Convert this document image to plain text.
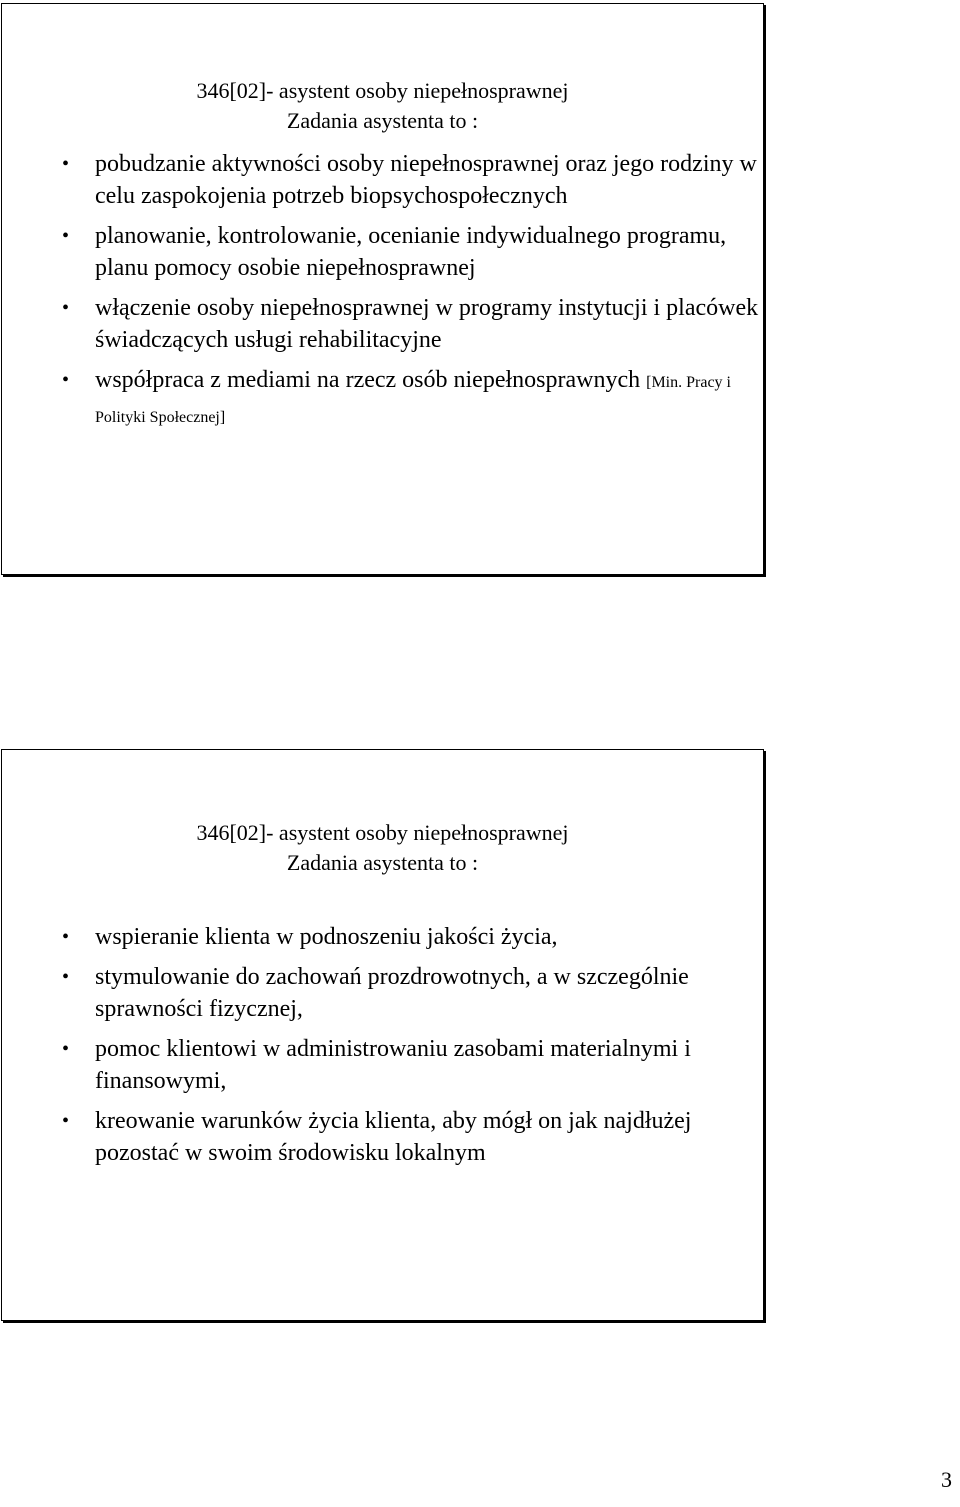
346[02]- asystent osoby niepełnosprawnej
Zadania asystenta to :
• pobudzanie aktywności osoby niepełnosprawnej oraz jego rodziny w celu zaspokojenia potrzeb biopsychospołecznych
• planowanie, kontrolowanie, ocenianie indywidualnego programu, planu pomocy osobie niepełnosprawnej
• włączenie osoby niepełnosprawnej w programy instytucji i placówek świadczących usługi rehabilitacyjne
• współpraca z mediami na rzecz osób niepełnosprawnych [Min. Pracy i Polityki Społecznej]
346[02]- asystent osoby niepełnosprawnej
Zadania asystenta to :
• wspieranie klienta w podnoszeniu jakości życia,
• stymulowanie do zachowań prozdrowotnych, a w szczególnie sprawności fizycznej,
• pomoc klientowi w administrowaniu zasobami materialnymi i finansowymi,
• kreowanie warunków życia klienta, aby mógł on jak najdłużej pozostać w swoim środowisku lokalnym
3
